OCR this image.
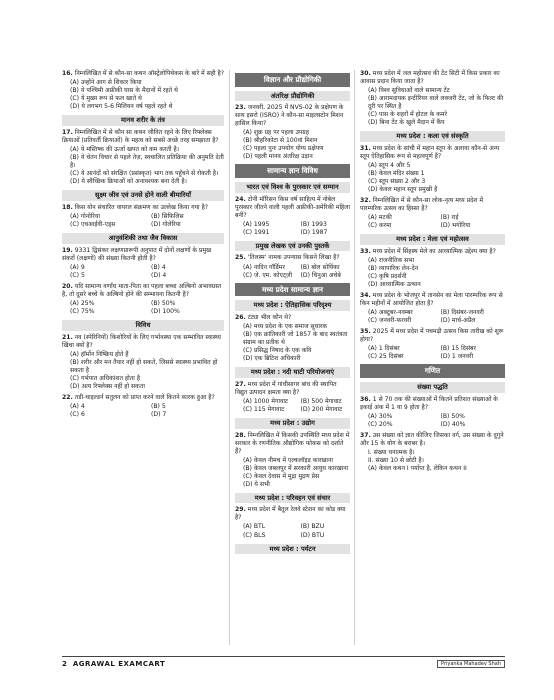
16. निम्नलिखित में से कौन-सा कथन ऑस्ट्रेलोपिथेकस के बारे में सही है?
(A) उन्होंने आग से शिकार किया
(B) ये पश्चिमी अफ्रीकी घास के मैदानों में रहते थे
(C) ये मुख्य रूप से फल खाते थे
(D) ये लगभग 5-6 मिलियन वर्ष पहले रहते थे
मानव शरीर के तंत्र
17. निम्नलिखित में से कौन सा कथन जीवित रहने के लिए रिफ्लेक्स क्रियाओं (प्रतिवर्ती क्रियाओं) के महत्व को सबसे अच्छे तरह समझाता है?
(A) ये मस्तिष्क की ऊर्जा खपत को कम करती है।
(B) ये चेतन विचार से पहले तेज़, स्वचालित प्रतिक्रिया की अनुमति देती है।
(C) ये आनंदों को संरक्षित (प्रसंस्कृत) भाग तक पहुँचने से रोकती है।
(D) ये स्वैच्छिक क्रियाओं को अनावश्यक बना देती है।
सूक्ष्म जीव एवं उनसे होने वाली बीमारियाँ
18. किस योन संचारित वायरल संक्रमण का उल्लेख किया गया है?
(A) गोनोरिया	(B) सिफिलिस
(C) एचआईवी-एड्स	(D) गोलेरिया
आनुवंशिकी तथा जैव विकास
19. 9331 द्विसंकर लक्षणप्रारूपी अनुपात में दोनों लक्षणों के प्रमुख संकरों (लक्षणों) की संख्या कितनी होती है?
(A) 9	(B) 4
(C) 5	(D) 4
20. यदि सामान्य वर्णांध माता-पिता का पहला बच्चा अल्बिनो अभावग्रस्त है, तो दूसरे बच्चे के अल्बिनो होने की सम्भावना कितनी है?
(A) 25%	(B) 50%
(C) 75%	(D) 100%
विविध
21. नव (स्पेरिनियों) किशोरियों के लिए गर्भावस्था एक सम्भावित स्वास्थ्य खिंचा क्यों है?
(A) हॉर्मोन निष्क्रिय होते हैं
(B) शरीर और मन तैयार नहीं हो सकते, जिससे स्वास्थ्य प्रभावित हो सकता है
(C) गर्भपात अधिकांशत होता है
(D) अत्य रिफ्लेक्स नहीं हो सकता
22. तडी-चाइल्डर्न सतुलन को प्राप्त करने वाले कितने कारक हुआ है?
(A) 4	(B) 5
(C) 6	(D) 7
विज्ञान और प्रौद्योगिकी
अंतरिक्ष प्रौद्योगिकी
23. जनवरी, 2025 में NVS-02 के प्रक्षेपण के साथ इसरो (ISRO) ने कौन-सा माइलस्टोन मिशन हासिल किया?
(A) शुक्र ग्रह पर पहला उपग्रह
(B) श्रीहरिकोटा से 100वां मिशन
(C) पहला पुनः उपयोग योग्य प्रक्षेपण
(D) पहली मानव अंतरिक्ष उड़ान
सामान्य ज्ञान विविध
भारत एवं विश्व के पुरस्कार एवं सम्मान
24. टोनी मॉरिसन किस वर्ष साहित्य में नोबेल पुरस्कार जीतने वाली पहली अफ्रीकी-अमेरिकी महिला बनीं?
(A) 1995	(B) 1993
(C) 1991	(D) 1987
प्रमुख लेखक एवं उनकी पुस्तकें
25. 'तिलस्म' नामक उपन्यास किसने लिखा है?
(A) नादिन गॉर्डिमर	(B) बोल सोयिंका
(C) जे. एम. कोएट्ज़ी	(D) चिनुआ अचेबे
मध्य प्रदेश सामान्य ज्ञान
मध्य प्रदेश : ऐतिहासिक परिदृश्य
26. टंट्या भील कौन थे?
(A) मध्य प्रदेश के एक समाज सुधारक
(B) एक क्रांतिकारी जो 1857 के बाद स्वतंत्रता संग्राम का प्रतीक थे
(C) प्रसिद्ध निषाद के एक कवि
(D) एक ब्रिटिश अधिकारी
मध्य प्रदेश : नदी घाटी परियोजनाएं
27. मध्य प्रदेश में गांधीसागर बांध की स्थापित विद्युत उत्पादन क्षमता क्या है?
(A) 1000 मेगावाट	(B) 500 मेगावाट
(C) 115 मेगावाट	(D) 200 मेगावाट
मध्य प्रदेश : उद्योग
28. निम्नलिखित में किसकी उपस्थिति मध्य प्रदेश में सरकार के रणनीतिक औद्योगिक फोकस को दर्शाते हैं?
(A) केवल नीमच में एल्कलॉइड कारखाना
(B) केवल जबलपुर में सरकारी आयुध कारखाना
(C) केवल देवास में मुद्रा मुद्रण प्रेस
(D) ये सभी
मध्य प्रदेश : परिवहन एवं संचार
29. मध्य प्रदेश में बैतूल रेलवे स्टेशन का कोड क्या है?
(A) BTL	(B) BZU
(C) BLS	(D) BTU
मध्य प्रदेश : पर्यटन
30. मध्य प्रदेश में जल महोत्सव की टेंट सिटी में किस प्रकार का आवास प्रदान किया जाता है?
(A) विश्व सुविधाओं वाले सामान्य टेंट
(B) आरामदायक इन्टीरियर वाले लक्जरी टेंट, जो के फिल्ट की दूरी पर स्थित है
(C) पास के शहरों में होटल के कमरे
(D) बिना टेंट के खुले मैदान में कैंप
मध्य प्रदेश : कला एवं संस्कृति
31. मध्य प्रदेश के सांची में महान स्तूप के अलावा कौन-से अन्य स्तूप ऐतिहासिक रूप से महत्वपूर्ण हैं?
(A) स्तूप 4 और 5
(B) केवल मंदिर संख्या 1
(C) स्तूप संख्या 2 और 3
(D) केवल महान स्तूप प्रमुखी है
32. निम्नलिखित में से कौन-सा लोक-नृत्य मध्य प्रदेश में पारम्परिक उत्सव का हिस्सा है?
(A) मटकी	(B) राई
(C) करमा	(D) भगोरिया
मध्य प्रदेश : मेला एवं महोत्सव
33. मध्य प्रदेश में सिंहस्थ मेले का आध्यात्मिक उद्देश्य क्या है?
(A) राजनीतिक सभा
(B) व्यापारिक लेन-देन
(C) कृषि प्रदर्शनी
(D) आध्यात्मिक उत्थान
34. मध्य प्रदेश के भोजपुर में तानसेन का मेला पारम्परिक रूप से किन महीनों में आयोजित होता है?
(A) अक्टूबर-नवम्बर	(B) दिसंबर-जनवरी
(C) जनवरी-फरवरी	(D) मार्च-अप्रैल
35. 2025 में मध्य प्रदेश में पचमढ़ी उत्सव किस तारीख को शुरू होगा?
(A) 1 दिसंबर	(B) 15 दिसंबर
(C) 25 दिसंबर	(D) 1 जनवरी
गणित
संख्या पद्धति
36. 1 से 70 तक की संख्याओं में कितने प्रतिशत संख्याओं के इकाई अंक में 1 या 9 होता है?
(A) 30%	(B) 50%
(C) 20%	(D) 40%
37. उस संख्या को ज्ञात कीजिए जिसका वर्ग, उस संख्या के दुगुने और 15 के योग के बराबर है।
I. संख्या धनात्मक है।
II. संख्या 10 से छोटी है।
(A) केवल कथन I पर्याप्त है, लेकिन कथन II
2 AGRAWAL EXAMCART	Priyanka Mahadev Shah
